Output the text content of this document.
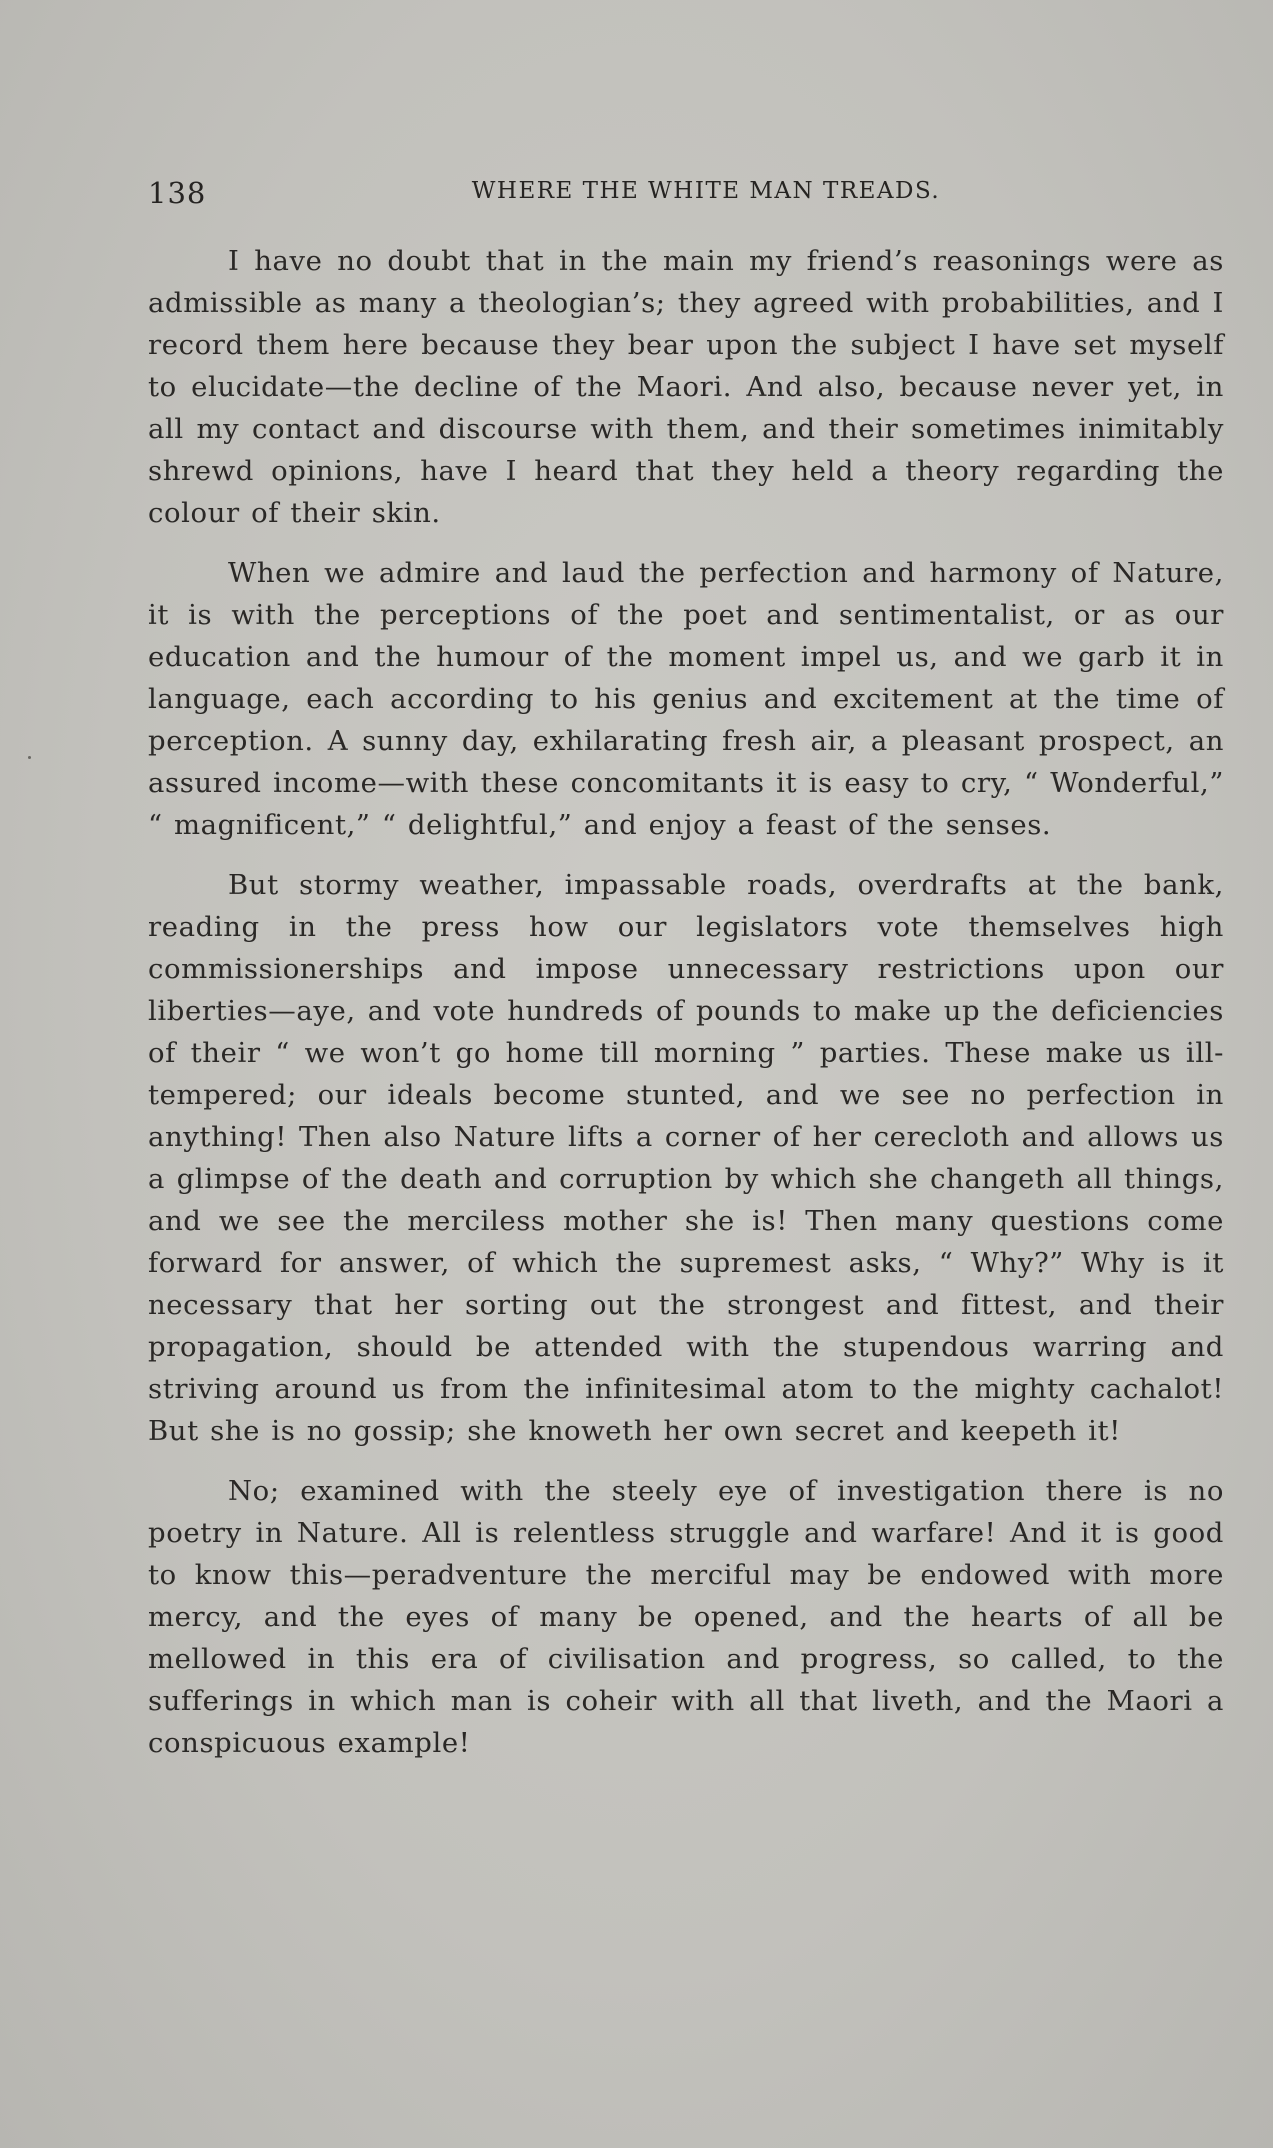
138	WHERE THE WHITE MAN TREADS.

I have no doubt that in the main my friend’s reasonings were as admissible as many a theologian’s; they agreed with probabilities, and I record them here because they bear upon the subject I have set myself to elucidate—the decline of the Maori. And also, because never yet, in all my contact and discourse with them, and their sometimes inimitably shrewd opinions, have I heard that they held a theory regarding the colour of their skin.

When we admire and laud the perfection and harmony of Nature, it is with the perceptions of the poet and sentimentalist, or as our education and the humour of the moment impel us, and we garb it in language, each according to his genius and excitement at the time of perception. A sunny day, exhilarating fresh air, a pleasant prospect, an assured income—with these concomitants it is easy to cry, “ Wonderful,” “ magnificent,” “ delightful,” and enjoy a feast of the senses.

But stormy weather, impassable roads, overdrafts at the bank, reading in the press how our legislators vote themselves high commissionerships and impose unnecessary restrictions upon our liberties—aye, and vote hundreds of pounds to make up the deficiencies of their “ we won’t go home till morning ” parties. These make us ill-tempered; our ideals become stunted, and we see no perfection in anything! Then also Nature lifts a corner of her cerecloth and allows us a glimpse of the death and corruption by which she changeth all things, and we see the merciless mother she is! Then many questions come forward for answer, of which the supremest asks, “ Why?” Why is it necessary that her sorting out the strongest and fittest, and their propagation, should be attended with the stupendous warring and striving around us from the infinitesimal atom to the mighty cachalot! But she is no gossip; she knoweth her own secret and keepeth it!

No; examined with the steely eye of investigation there is no poetry in Nature. All is relentless struggle and warfare! And it is good to know this—peradventure the merciful may be endowed with more mercy, and the eyes of many be opened, and the hearts of all be mellowed in this era of civilisation and progress, so called, to the sufferings in which man is coheir with all that liveth, and the Maori a conspicuous example!
